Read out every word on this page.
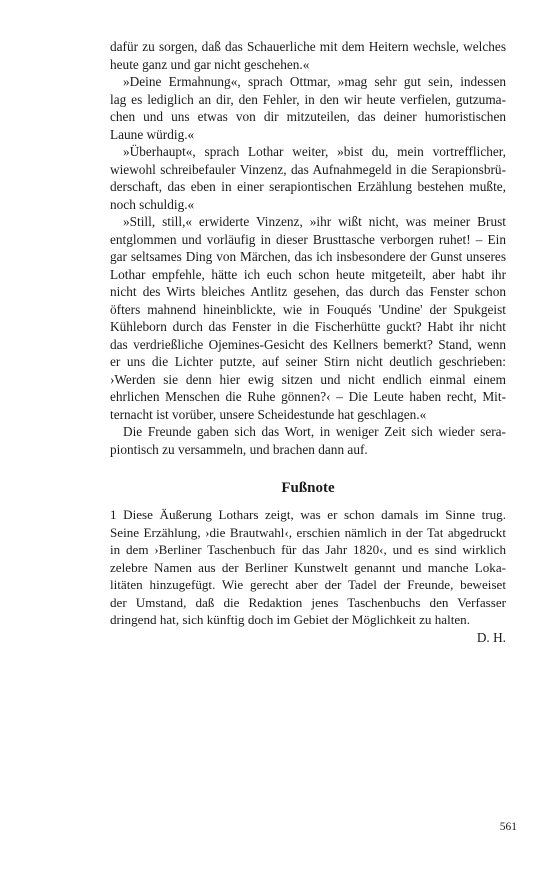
dafür zu sorgen, daß das Schauerliche mit dem Heitern wechsle, welches
heute ganz und gar nicht geschehen.«
»Deine Ermahnung«, sprach Ottmar, »mag sehr gut sein, indessen
lag es lediglich an dir, den Fehler, in den wir heute verfielen, gutzuma-
chen und uns etwas von dir mitzuteilen, das deiner humoristischen
Laune würdig.«
»Überhaupt«, sprach Lothar weiter, »bist du, mein vortrefflicher,
wiewohl schreibefauler Vinzenz, das Aufnahmegeld in die Serapionsbrü-
derschaft, das eben in einer serapiontischen Erzählung bestehen mußte,
noch schuldig.«
»Still, still,« erwiderte Vinzenz, »ihr wißt nicht, was meiner Brust
entglommen und vorläufig in dieser Brusttasche verborgen ruhet! – Ein
gar seltsames Ding von Märchen, das ich insbesondere der Gunst unseres
Lothar empfehle, hätte ich euch schon heute mitgeteilt, aber habt ihr
nicht des Wirts bleiches Antlitz gesehen, das durch das Fenster schon
öfters mahnend hineinblickte, wie in Fouqués 'Undine' der Spukgeist
Kühleborn durch das Fenster in die Fischerhütte guckt? Habt ihr nicht
das verdrießliche Ojemines-Gesicht des Kellners bemerkt? Stand, wenn
er uns die Lichter putzte, auf seiner Stirn nicht deutlich geschrieben:
›Werden sie denn hier ewig sitzen und nicht endlich einmal einem
ehrlichen Menschen die Ruhe gönnen?‹ – Die Leute haben recht, Mit-
ternacht ist vorüber, unsere Scheidestunde hat geschlagen.«
Die Freunde gaben sich das Wort, in weniger Zeit sich wieder sera-
piontisch zu versammeln, und brachen dann auf.
Fußnote
1 Diese Äußerung Lothars zeigt, was er schon damals im Sinne trug.
Seine Erzählung, ›die Brautwahl‹, erschien nämlich in der Tat abgedruckt
in dem ›Berliner Taschenbuch für das Jahr 1820‹, und es sind wirklich
zelebre Namen aus der Berliner Kunstwelt genannt und manche Loka-
litäten hinzugefügt. Wie gerecht aber der Tadel der Freunde, beweiset
der Umstand, daß die Redaktion jenes Taschenbuchs den Verfasser
dringend hat, sich künftig doch im Gebiet der Möglichkeit zu halten.
D. H.
561
